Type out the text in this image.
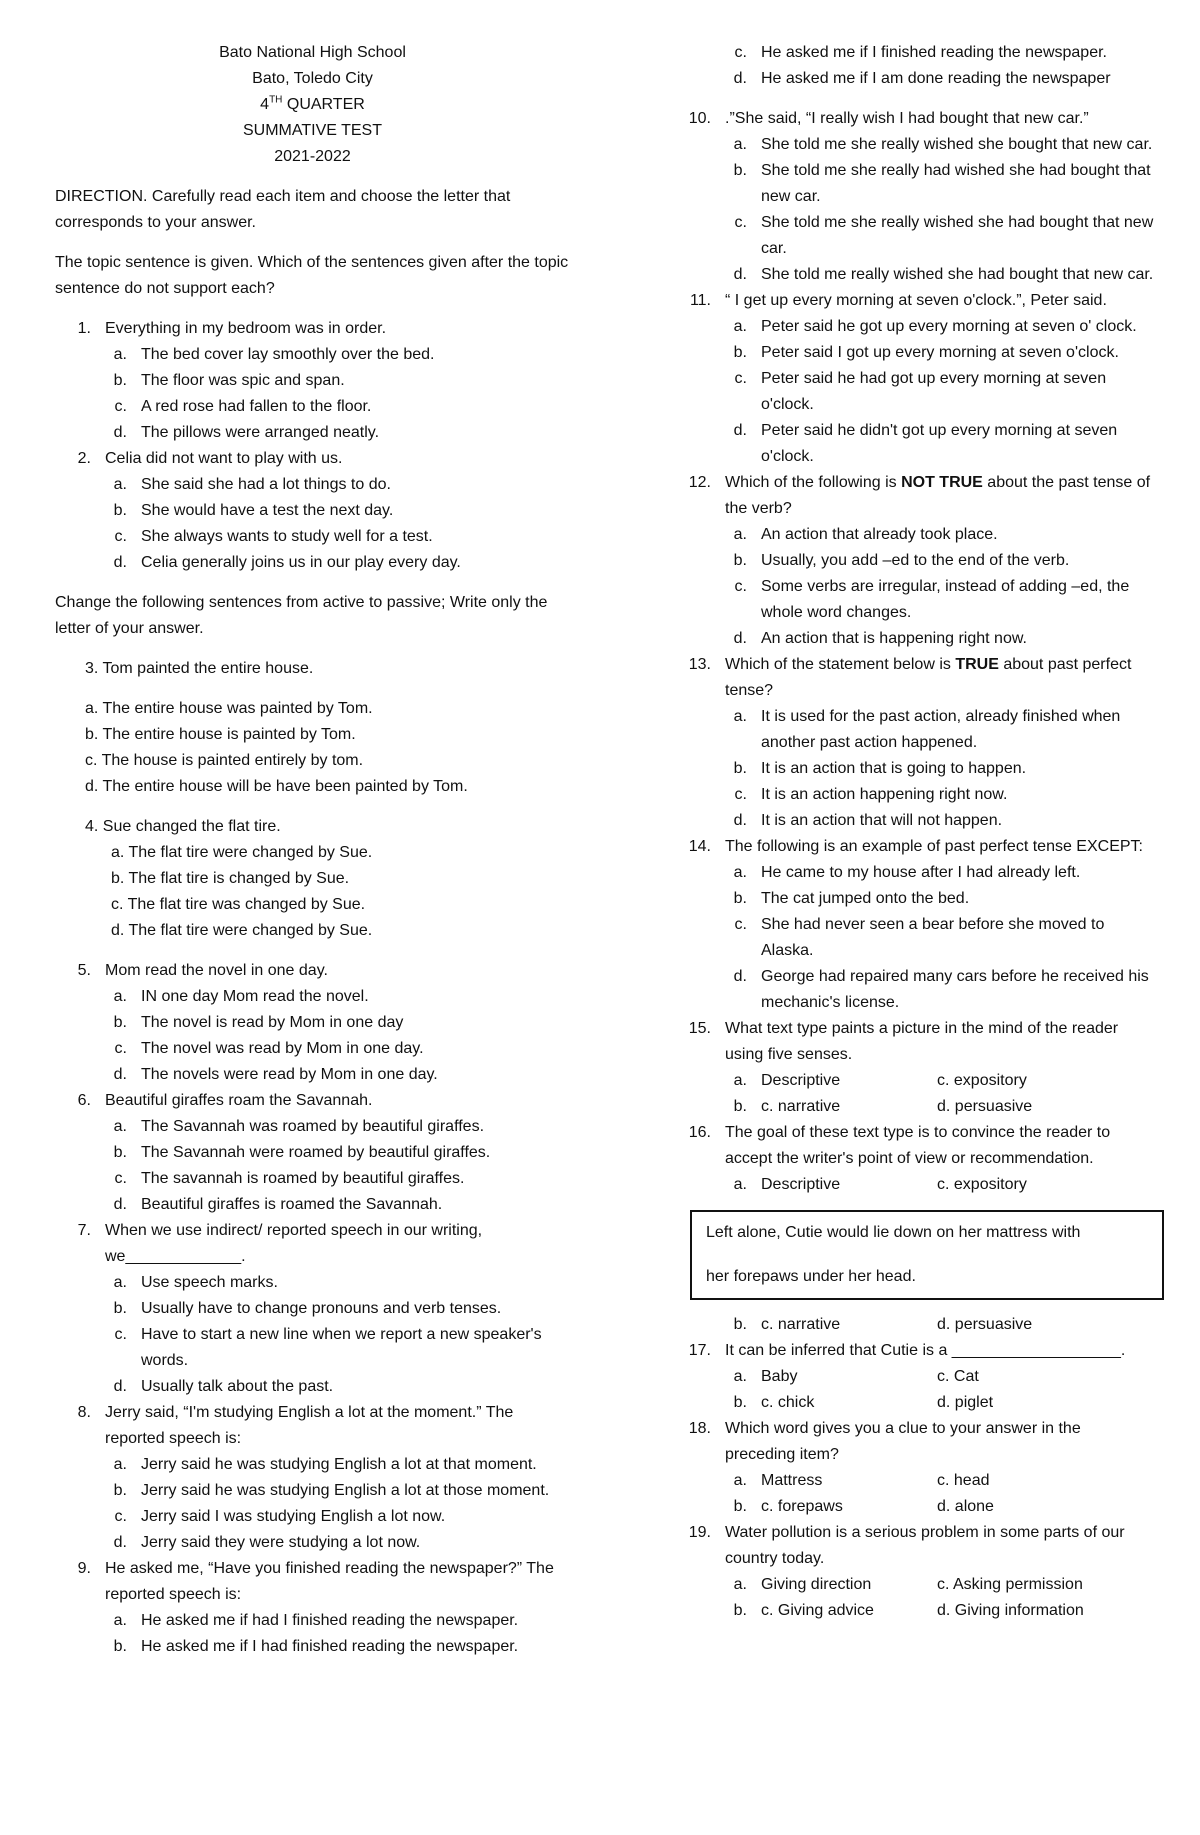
Bato National High School
Bato, Toledo City
4TH QUARTER
SUMMATIVE TEST
2021-2022

DIRECTION. Carefully read each item and choose the letter that corresponds to your answer.

The topic sentence is given. Which of the sentences given after the topic sentence do not support each?

1. Everything in my bedroom was in order.
a. The bed cover lay smoothly over the bed.
b. The floor was spic and span.
c. A red rose had fallen to the floor.
d. The pillows were arranged neatly.
2. Celia did not want to play with us.
a. She said she had a lot things to do.
b. She would have a test the next day.
c. She always wants to study well for a test.
d. Celia generally joins us in our play every day.

Change the following sentences from active to passive; Write only the letter of your answer.

3. Tom painted the entire house.

a. The entire house was painted by Tom.

b. The entire house is painted by Tom.

c. The house is painted entirely by tom.

d. The entire house will be have been painted by Tom.

4. Sue changed the flat tire.

a. The flat tire were changed by Sue.

b. The flat tire is changed by Sue.

c. The flat tire was changed by Sue.

d. The flat tire were changed by Sue.

5. Mom read the novel in one day.
a. IN one day Mom read the novel.
b. The novel is read by Mom in one day
c. The novel was read by Mom in one day.
d. The novels were read by Mom in one day.
6. Beautiful giraffes roam the Savannah.
a. The Savannah was roamed by beautiful giraffes.
b. The Savannah were roamed by beautiful giraffes.
c. The savannah is roamed by beautiful giraffes.
d. Beautiful giraffes is roamed the Savannah.
7. When we use indirect/ reported speech in our writing, we_____________.
a. Use speech marks.
b. Usually have to change pronouns and verb tenses.
c. Have to start a new line when we report a new speaker's words.
d. Usually talk about the past.
8. Jerry said, “I'm studying English a lot at the moment.” The reported speech is:
a. Jerry said he was studying English a lot at that moment.
b. Jerry said he was studying English a lot at those moment.
c. Jerry said I was studying English a lot now.
d. Jerry said they were studying a lot now.
9. He asked me, “Have you finished reading the newspaper?” The reported speech is:
a. He asked me if had I finished reading the newspaper.
b. He asked me if I had finished reading the newspaper.
c. He asked me if I finished reading the newspaper.
d. He asked me if I am done reading the newspaper
10. .”She said, “I really wish I had bought that new car.”
a. She told me she really wished she bought that new car.
b. She told me she really had wished she had bought that new car.
c. She told me she really wished she had bought that new car.
d. She told me really wished she had bought that new car.
11. “ I get up every morning at seven o'clock.”, Peter said.
a. Peter said he got up every morning at seven o' clock.
b. Peter said I got up every morning at seven o'clock.
c. Peter said he had got up every morning at seven o'clock.
d. Peter said he didn't got up every morning at seven o'clock.
12. Which of the following is NOT TRUE about the past tense of the verb?
a. An action that already took place.
b. Usually, you add –ed to the end of the verb.
c. Some verbs are irregular, instead of adding –ed, the whole word changes.
d. An action that is happening right now.
13. Which of the statement below is TRUE about past perfect tense?
a. It is used for the past action, already finished when another past action happened.
b. It is an action that is going to happen.
c. It is an action happening right now.
d. It is an action that will not happen.
14. The following is an example of past perfect tense EXCEPT:
a. He came to my house after I had already left.
b. The cat jumped onto the bed.
c. She had never seen a bear before she moved to Alaska.
d. George had repaired many cars before he received his mechanic's license.
15. What text type paints a picture in the mind of the reader using five senses.
a. Descriptive	c. expository
b. c. narrative	d. persuasive
16. The goal of these text type is to convince the reader to accept the writer's point of view or recommendation.
a. Descriptive	c. expository

Left alone, Cutie would lie down on her mattress with

her forepaws under her head.

b. c. narrative	d. persuasive
17. It can be inferred that Cutie is a ___________________.
a. Baby	c. Cat
b. c. chick	d. piglet
18. Which word gives you a clue to your answer in the preceding item?
a. Mattress	c. head
b. c. forepaws	d. alone
19. Water pollution is a serious problem in some parts of our country today.
a. Giving direction	c. Asking permission
b. c. Giving advice	d. Giving information
